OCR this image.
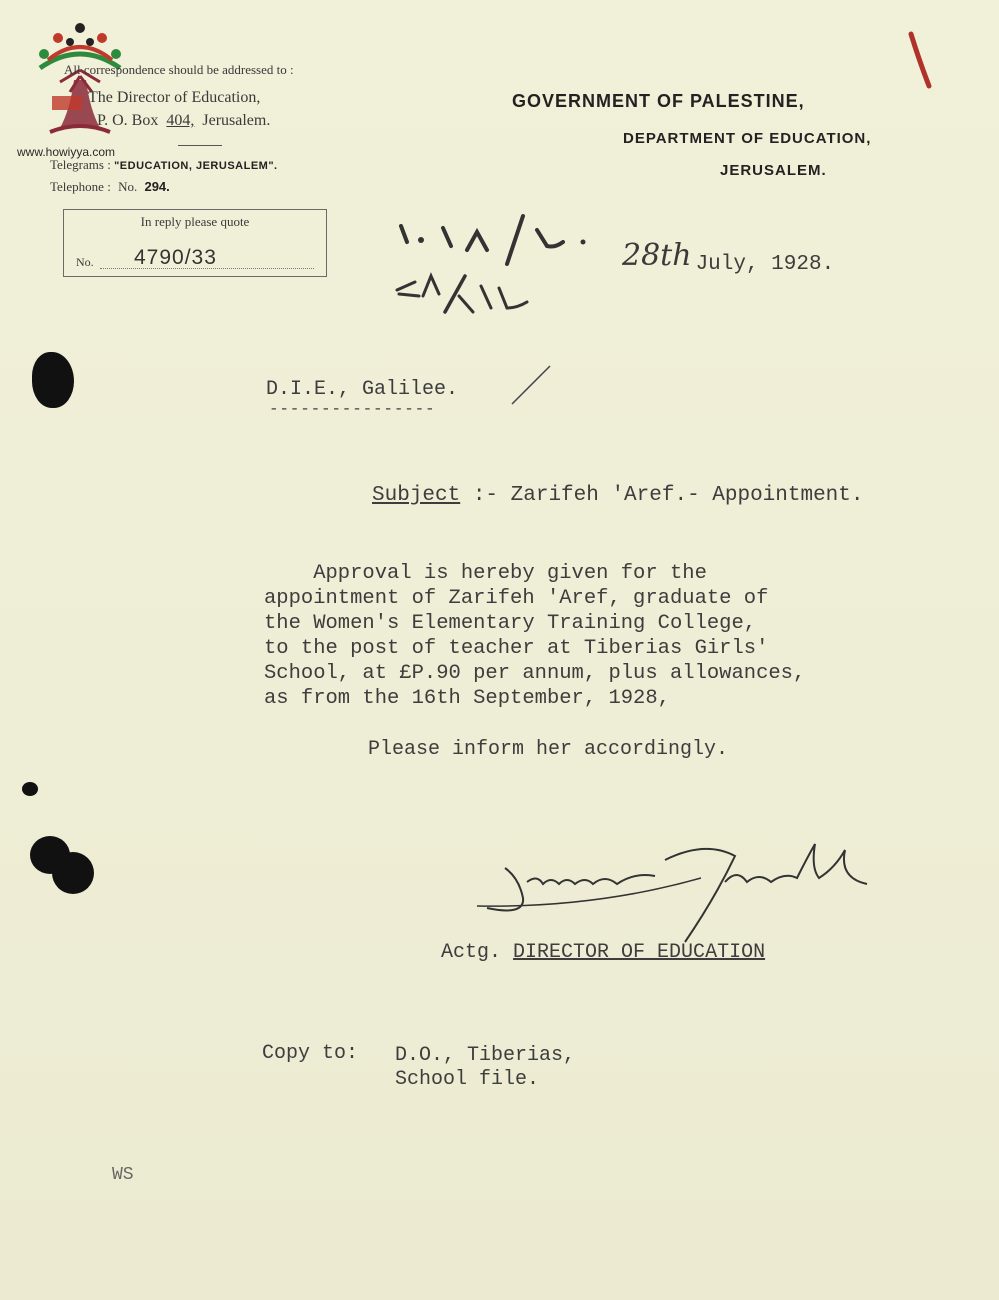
www.howiyya.com
All correspondence should be addressed to :
The Director of Education,
P. O. Box 404, Jerusalem.
Telegrams : "EDUCATION, JERUSALEM".
Telephone : No. 294.
GOVERNMENT OF PALESTINE,
DEPARTMENT OF EDUCATION,
JERUSALEM.
In reply please quote
No. 4790/33	28th July, 1928.
D.I.E., Galilee.
----------------
Subject :- Zarifeh 'Aref.- Appointment.
Approval is hereby given for the
appointment of Zarifeh 'Aref, graduate of
the Women's Elementary Training College,
to the post of teacher at Tiberias Girls'
School, at £P.90 per annum, plus allowances,
as from the 16th September, 1928,
Please inform her accordingly.
Actg. DIRECTOR OF EDUCATION
Copy to: D.O., Tiberias,
School file.
WS
